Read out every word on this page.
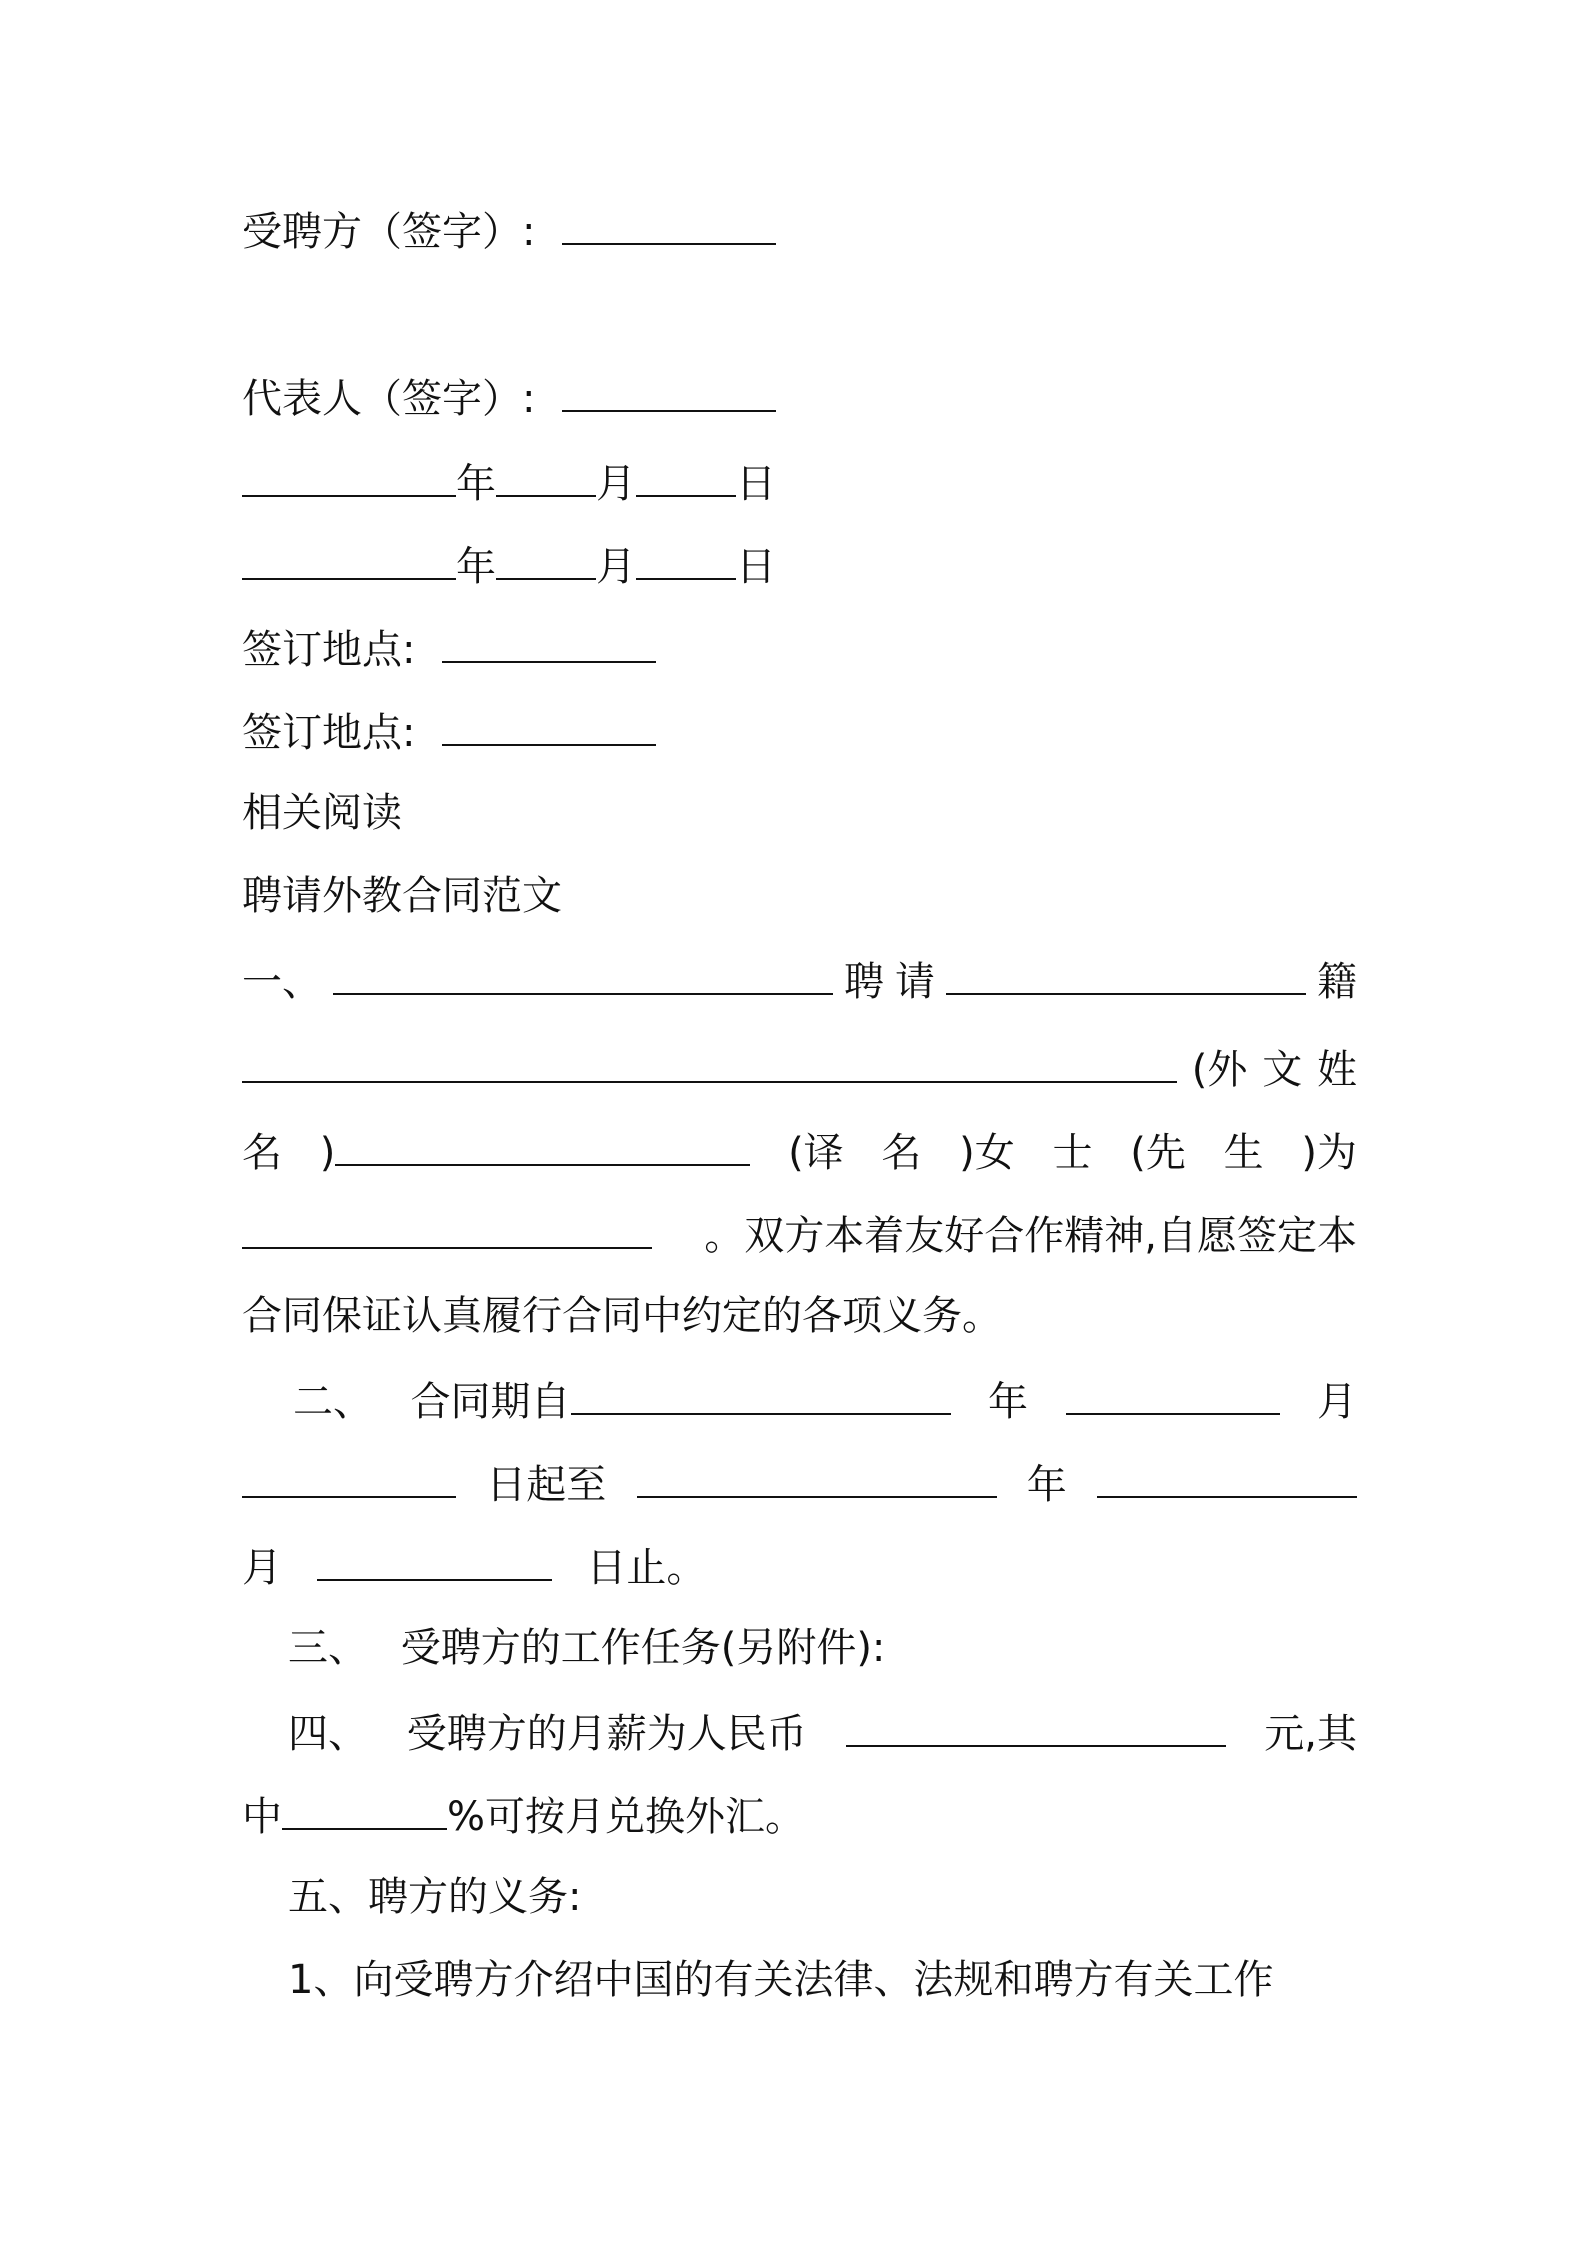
受聘方（签字）:
代表人（签字）:
年	月	日
年	月	日
签订地点:
签订地点:
相关阅读
聘请外教合同范文
一、	聘 请	籍
(外 文 姓
名 )	(译 名 )女 士 (先 生 )为
。双方本着友好合作精神,自愿签定本
合同保证认真履行合同中约定的各项义务。
二、 合同期自	年	月
日起至	年
月	日止。
三、 受聘方的工作任务(另附件):
四、 受聘方的月薪为人民币	元,其
中	%可按月兑换外汇。
五、聘方的义务:
1、向受聘方介绍中国的有关法律、法规和聘方有关工作
